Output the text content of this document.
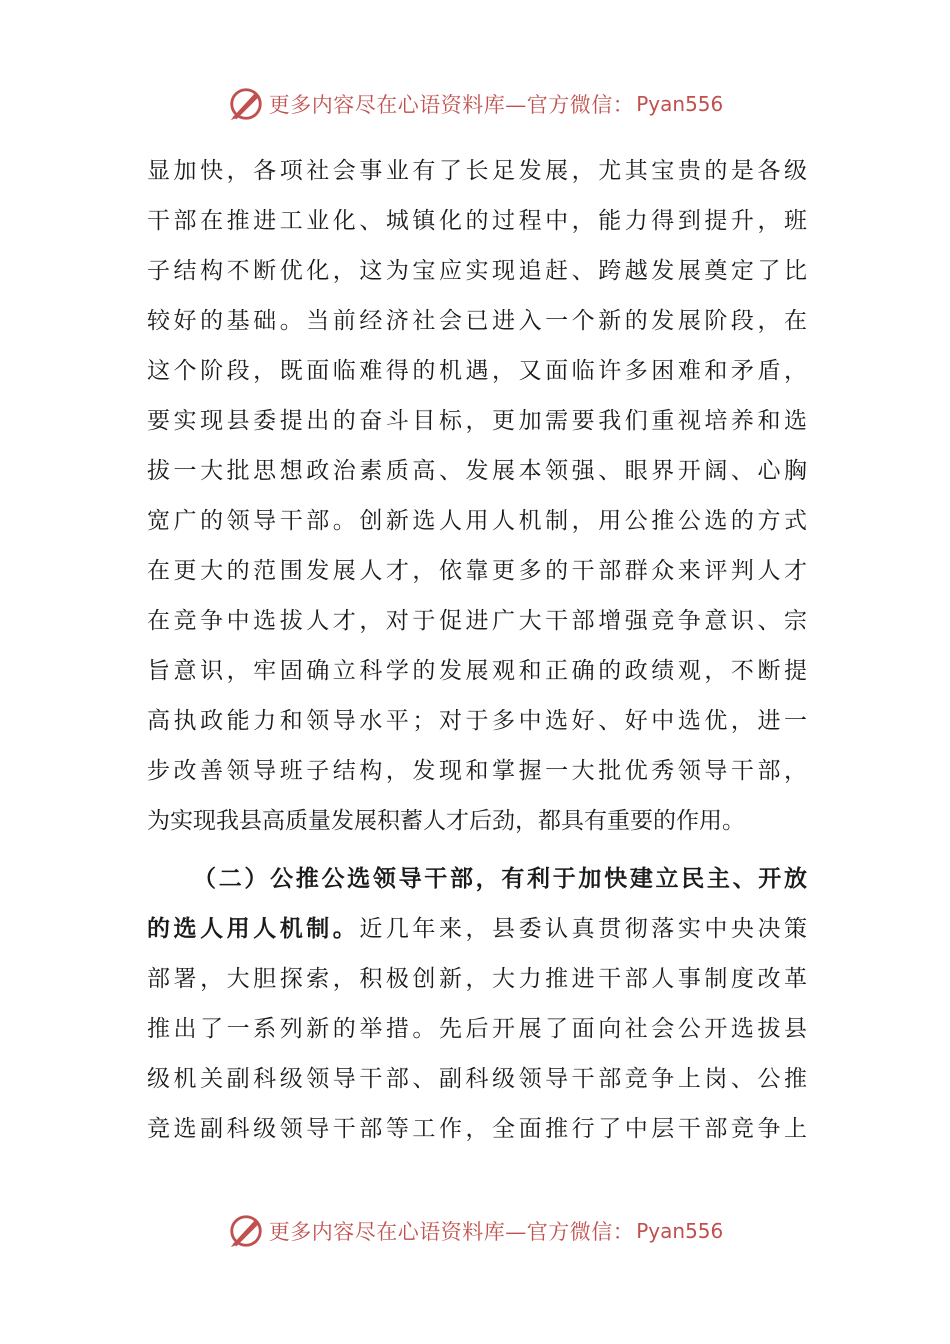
更多内容尽在心语资料库—官方微信： Pyan556
显加快，各项社会事业有了长足发展，尤其宝贵的是各级
干部在推进工业化、城镇化的过程中，能力得到提升，班
子结构不断优化，这为宝应实现追赶、跨越发展奠定了比
较好的基础。当前经济社会已进入一个新的发展阶段，在
这个阶段，既面临难得的机遇，又面临许多困难和矛盾，
要实现县委提出的奋斗目标，更加需要我们重视培养和选
拔一大批思想政治素质高、发展本领强、眼界开阔、心胸
宽广的领导干部。创新选人用人机制，用公推公选的方式
在更大的范围发展人才，依靠更多的干部群众来评判人才
在竞争中选拔人才，对于促进广大干部增强竞争意识、宗
旨意识，牢固确立科学的发展观和正确的政绩观，不断提
高执政能力和领导水平；对于多中选好、好中选优，进一
步改善领导班子结构，发现和掌握一大批优秀领导干部，
为实现我县高质量发展积蓄人才后劲，都具有重要的作用。
（二）公推公选领导干部，有利于加快建立民主、开放
的选人用人机制。近几年来，县委认真贯彻落实中央决策
部署，大胆探索，积极创新，大力推进干部人事制度改革
推出了一系列新的举措。先后开展了面向社会公开选拔县
级机关副科级领导干部、副科级领导干部竞争上岗、公推
竞选副科级领导干部等工作，全面推行了中层干部竞争上
更多内容尽在心语资料库—官方微信： Pyan556
